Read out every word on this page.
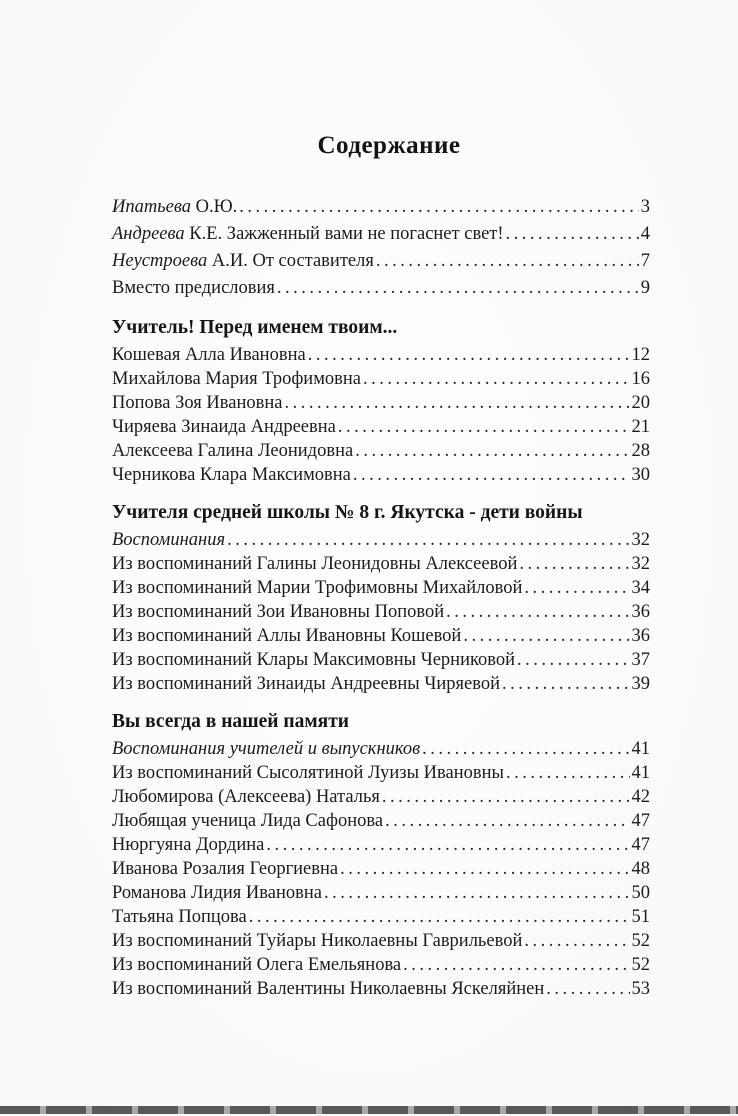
Содержание
Ипатьева О.Ю. .....	3
Андреева К.Е. Зажженный вами не погаснет свет! .....	4
Неустроева А.И. От составителя .....	7
Вместо предисловия .....	9
Учитель! Перед именем твоим...
Кошевая Алла Ивановна .....	12
Михайлова Мария Трофимовна .....	16
Попова Зоя Ивановна .....	20
Чиряева Зинаида Андреевна .....	21
Алексеева Галина Леонидовна .....	28
Черникова Клара Максимовна .....	30
Учителя средней школы № 8 г. Якутска - дети войны
Воспоминания .....	32
Из воспоминаний Галины Леонидовны Алексеевой .....	32
Из воспоминаний Марии Трофимовны Михайловой .....	34
Из воспоминаний Зои Ивановны Поповой .....	36
Из воспоминаний Аллы Ивановны Кошевой .....	36
Из воспоминаний Клары Максимовны Черниковой .....	37
Из воспоминаний Зинаиды Андреевны Чиряевой .....	39
Вы всегда в нашей памяти
Воспоминания учителей и выпускников .....	41
Из воспоминаний Сысолятиной Луизы Ивановны .....	41
Любомирова (Алексеева) Наталья .....	42
Любящая ученица Лида Сафонова .....	47
Нюргуяна Дордина .....	47
Иванова Розалия Георгиевна .....	48
Романова Лидия Ивановна .....	50
Татьяна Попцова .....	51
Из воспоминаний Туйары Николаевны Гаврильевой .....	52
Из воспоминаний Олега Емельянова .....	52
Из воспоминаний Валентины Николаевны Яскеляйнен .....	53
